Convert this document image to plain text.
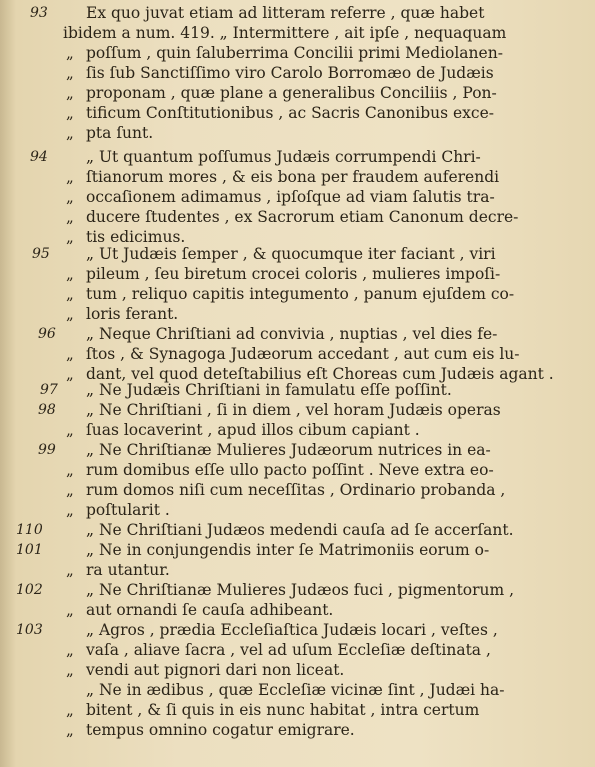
93 Ex quo juvat etiam ad litteram referre , quæ habet
ibidem a num. 419. „ Intermittere , ait ipſe , nequaquam
„ poſſum , quin ſaluberrima Concilii primi Mediolanen-
„ ſis ſub Sanctiſſimo viro Carolo Borromæo de Judæis
„ proponam , quæ plane a generalibus Conciliis , Pon-
„ tificum Conſtitutionibus , ac Sacris Canonibus exce-
„ pta ſunt.
94 „ Ut quantum poſſumus Judæis corrumpendi Chri-
„ ſtianorum mores , & eis bona per fraudem auferendi
„ occaſionem adimamus , ipſoſque ad viam ſalutis tra-
„ ducere ſtudentes , ex Sacrorum etiam Canonum decre-
„ tis edicimus.
95 „ Ut Judæis ſemper , & quocumque iter faciant , viri
„ pileum , ſeu biretum crocei coloris , mulieres impoſi-
„ tum , reliquo capitis integumento , panum ejuſdem co-
„ loris ferant.
96 „ Neque Chriſtiani ad convivia , nuptias , vel dies fe-
„ ſtos , & Synagoga Judæorum accedant , aut cum eis lu-
„ dant, vel quod deteſtabilius eſt Choreas cum Judæis agant .
97 „ Ne Judæis Chriſtiani in famulatu eſſe poſſint.
98 „ Ne Chriſtiani , ſi in diem , vel horam Judæis operas
„ ſuas locaverint , apud illos cibum capiant .
99 „ Ne Chriſtianæ Mulieres Judæorum nutrices in ea-
„ rum domibus eſſe ullo pacto poſſint . Neve extra eo-
„ rum domos niſi cum neceſſitas , Ordinario probanda ,
„ poſtularit .
110	„ Ne Chriſtiani Judæos medendi cauſa ad ſe accerſant.
101	„ Ne in conjungendis inter ſe Matrimoniis eorum o-
„ ra utantur.
102	„ Ne Chriſtianæ Mulieres Judæos fuci , pigmentorum ,
„ aut ornandi ſe cauſa adhibeant.
103	„ Agros , prædia Eccleſiaſtica Judæis locari , veſtes ,
„ vaſa , aliave ſacra , vel ad uſum Eccleſiæ deſtinata ,
„ vendi aut pignori dari non liceat.
„ Ne in ædibus , quæ Eccleſiæ vicinæ ſint , Judæi ha-
„ bitent , & ſi quis in eis nunc habitat , intra certum
„ tempus omnino cogatur emigrare.
